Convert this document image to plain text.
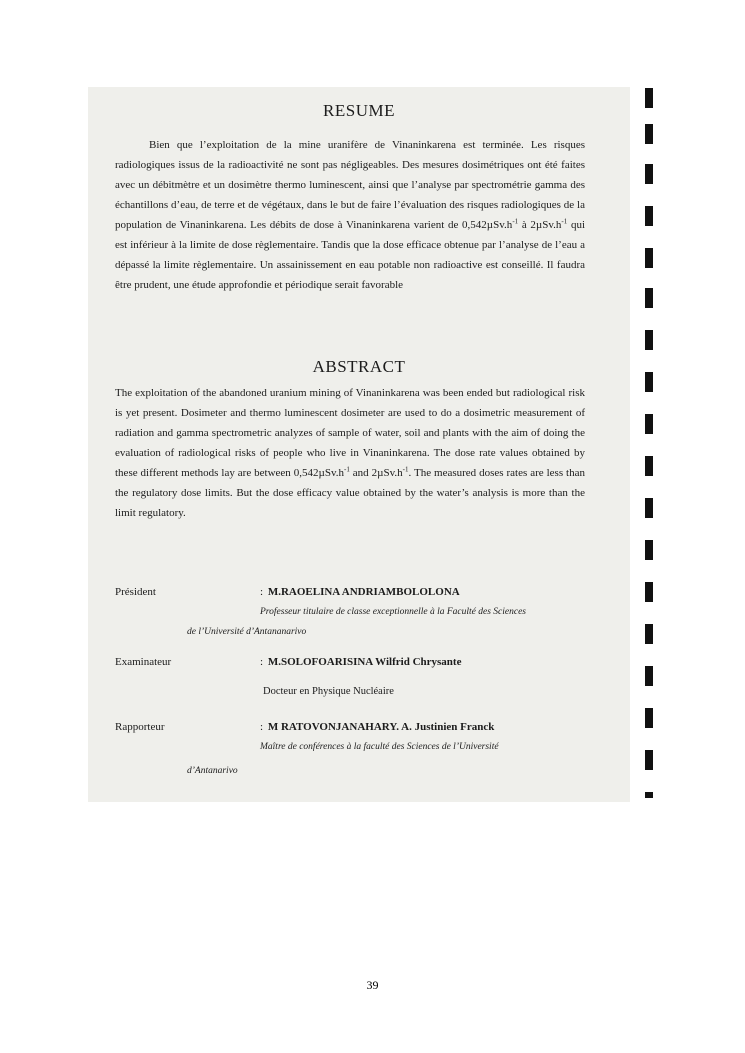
RESUME
Bien que l’exploitation de la mine uranifère de Vinaninkarena est terminée. Les risques radiologiques issus de la radioactivité ne sont pas négligeables. Des mesures dosimétriques ont été faites avec un débitmètre et un dosimètre thermo luminescent, ainsi que l’analyse par spectrométrie gamma des échantillons d’eau, de terre et de végétaux, dans le but de faire l’évaluation des risques radiologiques de la population de Vinaninkarena. Les débits de dose à Vinaninkarena varient de $0,542\mu Sv.h^{-1}$ à $2\mu Sv.h^{-1}$ qui est inférieur à la limite de dose règlementaire. Tandis que la dose efficace obtenue par l’analyse de l’eau a dépassé la limite règlementaire. Un assainissement en eau potable non radioactive est conseillé. Il faudra être prudent, une étude approfondie et périodique serait favorable
ABSTRACT
The exploitation of the abandoned uranium mining of Vinaninkarena was been ended but radiological risk is yet present. Dosimeter and thermo luminescent dosimeter are used to do a dosimetric measurement of radiation and gamma spectrometric analyzes of sample of water, soil and plants with the aim of doing the evaluation of radiological risks of people who live in Vinaninkarena. The dose rate values obtained by these different methods lay are between $0,542\mu Sv.h^{-1}$ and $2\mu Sv.h^{-1}$. The measured doses rates are less than the regulatory dose limits. But the dose efficacy value obtained by the water’s analysis is more than the limit regulatory.
Président	: M.RAOELINA ANDRIAMBOLOLONA
Professeur titulaire de classe exceptionnelle à la Faculté des Sciences
de l’Université d’Antananarivo
Examinateur	: M.SOLOFOARISINA Wilfrid Chrysante
Docteur en Physique Nucléaire
Rapporteur	: M RATOVONJANAHARY. A. Justinien Franck
Maître de conférences à la faculté des Sciences de l’Université
d’Antanarivo
39
